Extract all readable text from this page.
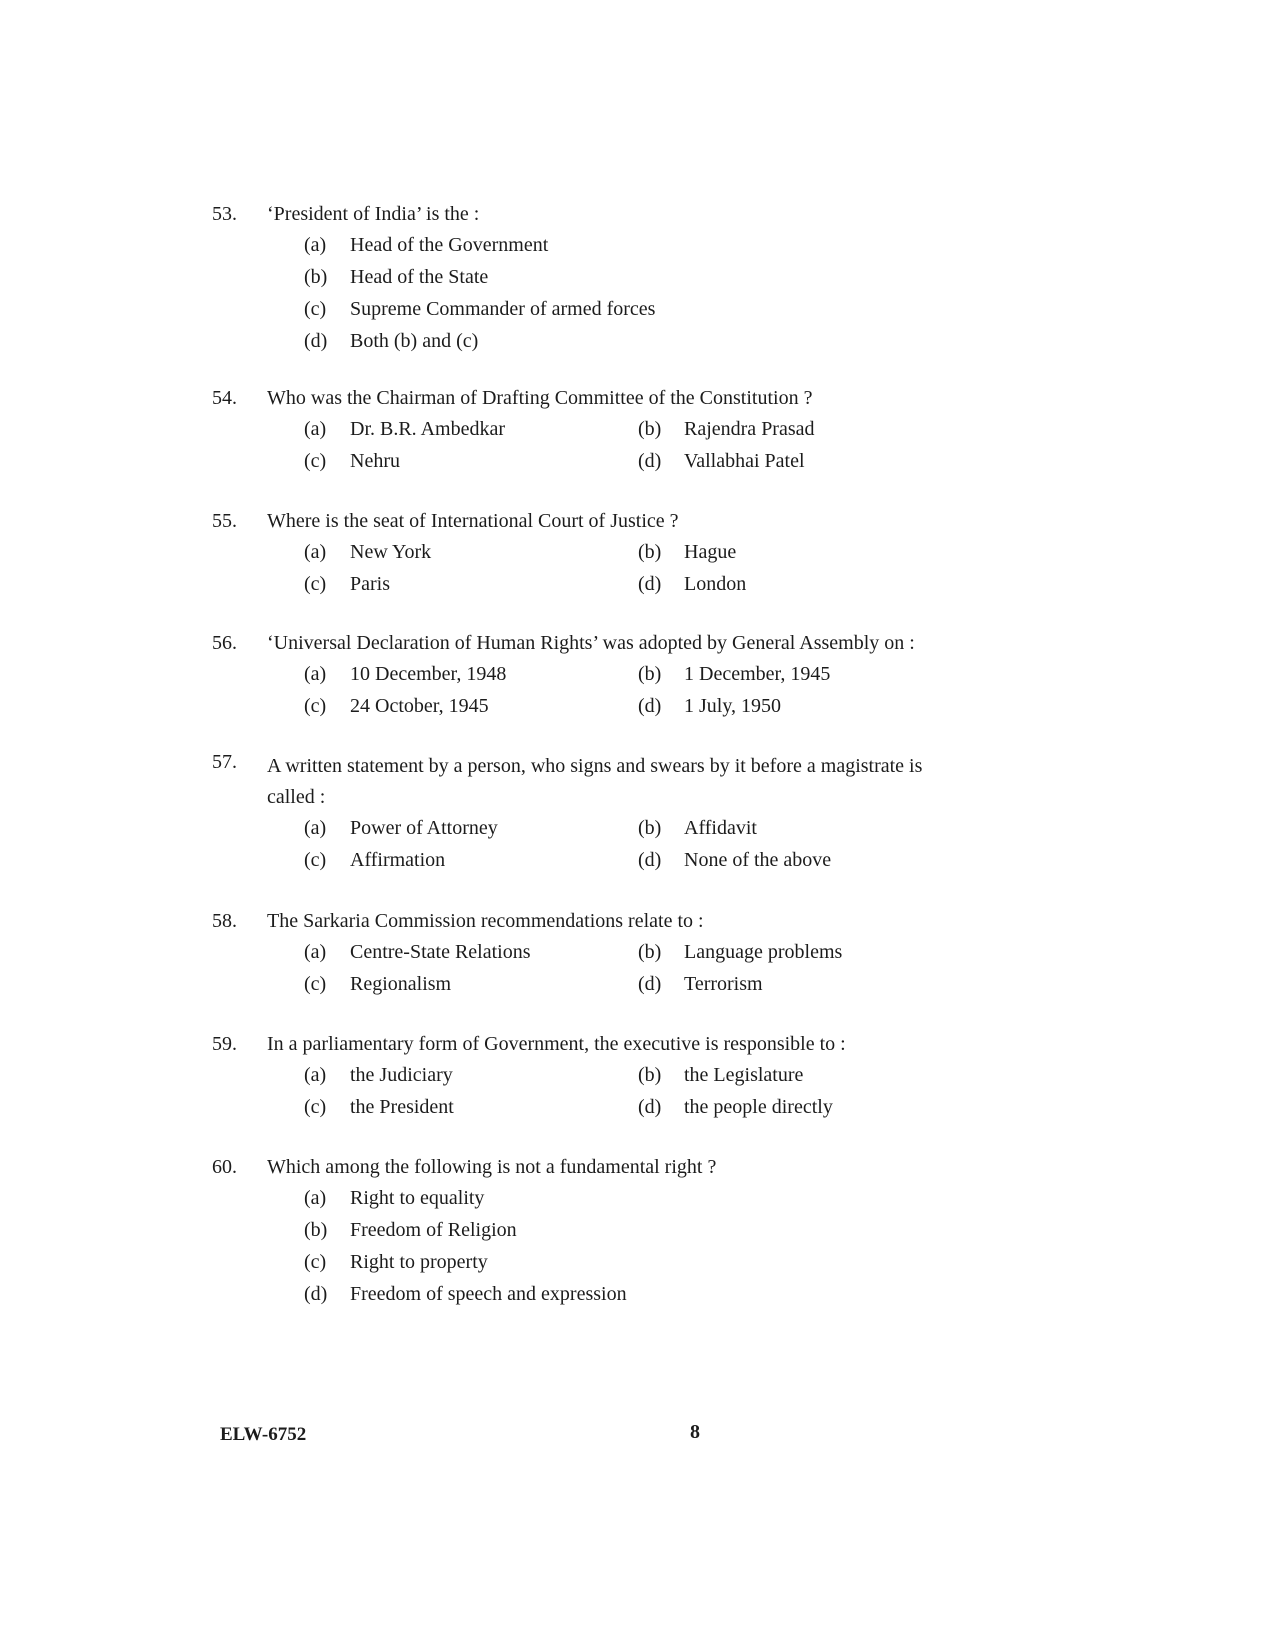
53.	‘President of India’ is the :
(a) Head of the Government
(b) Head of the State
(c) Supreme Commander of armed forces
(d) Both (b) and (c)
54.	Who was the Chairman of Drafting Committee of the Constitution ?
(a) Dr. B.R. Ambedkar	(b) Rajendra Prasad
(c) Nehru	(d) Vallabhai Patel
55.	Where is the seat of International Court of Justice ?
(a) New York	(b) Hague
(c) Paris	(d) London
56.	‘Universal Declaration of Human Rights’ was adopted by General Assembly on :
(a) 10 December, 1948	(b) 1 December, 1945
(c) 24 October, 1945	(d) 1 July, 1950
57.	A written statement by a person, who signs and swears by it before a magistrate is called :
(a) Power of Attorney	(b) Affidavit
(c) Affirmation	(d) None of the above
58.	The Sarkaria Commission recommendations relate to :
(a) Centre-State Relations	(b) Language problems
(c) Regionalism	(d) Terrorism
59.	In a parliamentary form of Government, the executive is responsible to :
(a) the Judiciary	(b) the Legislature
(c) the President	(d) the people directly
60.	Which among the following is not a fundamental right ?
(a) Right to equality
(b) Freedom of Religion
(c) Right to property
(d) Freedom of speech and expression
ELW-6752	8
